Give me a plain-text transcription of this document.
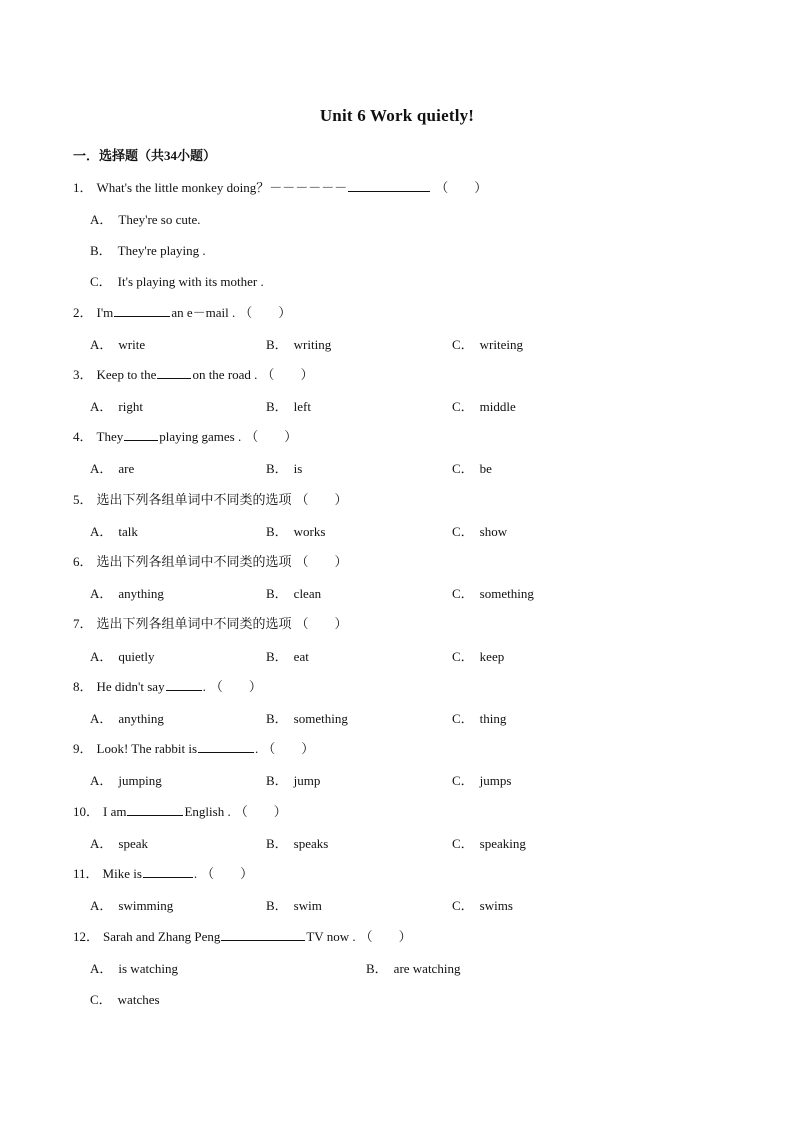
Unit 6 Work quietly!
一．选择题（共34小题）
1． What's the little monkey doing？－－－－－－	（ ）
A． They're so cute.
B． They're playing .
C． It's playing with its mother .
2． I'm	an e－mail . （ ）
A． write	B． writing	C． writeing
3． Keep to the	on the road . （ ）
A． right	B． left	C． middle
4． They	playing games . （ ）
A． are	B． is	C． be
5． 选出下列各组单词中不同类的选项 （ ）
A． talk	B． works	C． show
6． 选出下列各组单词中不同类的选项 （ ）
A． anything	B． clean	C． something
7． 选出下列各组单词中不同类的选项 （ ）
A． quietly	B． eat	C． keep
8． He didn't say	. （ ）
A． anything	B． something	C． thing
9． Look! The rabbit is	. （ ）
A． jumping	B． jump	C． jumps
10． I am	English . （ ）
A． speak	B． speaks	C． speaking
11． Mike is	. （ ）
A． swimming	B． swim	C． swims
12． Sarah and Zhang Peng	TV now . （ ）
A． is watching	B． are watching
C． watches
